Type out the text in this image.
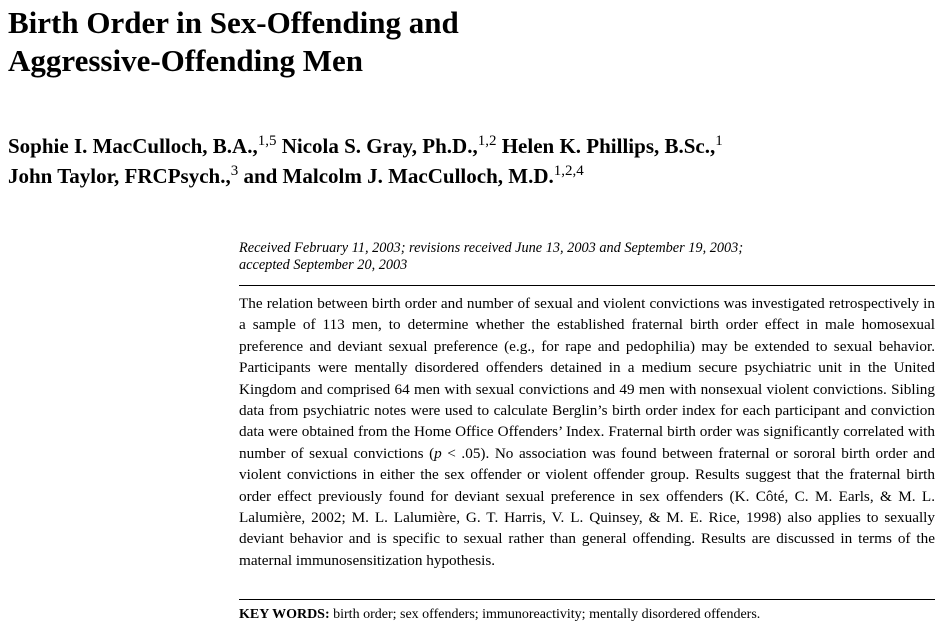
Birth Order in Sex-Offending and
Aggressive-Offending Men
Sophie I. MacCulloch, B.A.,$^{1,5}$ Nicola S. Gray, Ph.D.,$^{1,2}$ Helen K. Phillips, B.Sc.,$^1$
John Taylor, FRCPsych.,$^3$ and Malcolm J. MacCulloch, M.D.$^{1,2,4}$
Received February 11, 2003; revisions received June 13, 2003 and September 19, 2003;
accepted September 20, 2003

The relation between birth order and number of sexual and violent convictions was investigated retrospectively in a sample of 113 men, to determine whether the established fraternal birth order effect in male homosexual preference and deviant sexual preference (e.g., for rape and pedophilia) may be extended to sexual behavior. Participants were mentally disordered offenders detained in a medium secure psychiatric unit in the United Kingdom and comprised 64 men with sexual convictions and 49 men with nonsexual violent convictions. Sibling data from psychiatric notes were used to calculate Berglin’s birth order index for each participant and conviction data were obtained from the Home Office Offenders’ Index. Fraternal birth order was significantly correlated with number of sexual convictions (p < .05). No association was found between fraternal or sororal birth order and violent convictions in either the sex offender or violent offender group. Results suggest that the fraternal birth order effect previously found for deviant sexual preference in sex offenders (K. Côté, C. M. Earls, & M. L. Lalumière, 2002; M. L. Lalumière, G. T. Harris, V. L. Quinsey, & M. E. Rice, 1998) also applies to sexually deviant behavior and is specific to sexual rather than general offending. Results are discussed in terms of the maternal immunosensitization hypothesis.

KEY WORDS: birth order; sex offenders; immunoreactivity; mentally disordered offenders.
